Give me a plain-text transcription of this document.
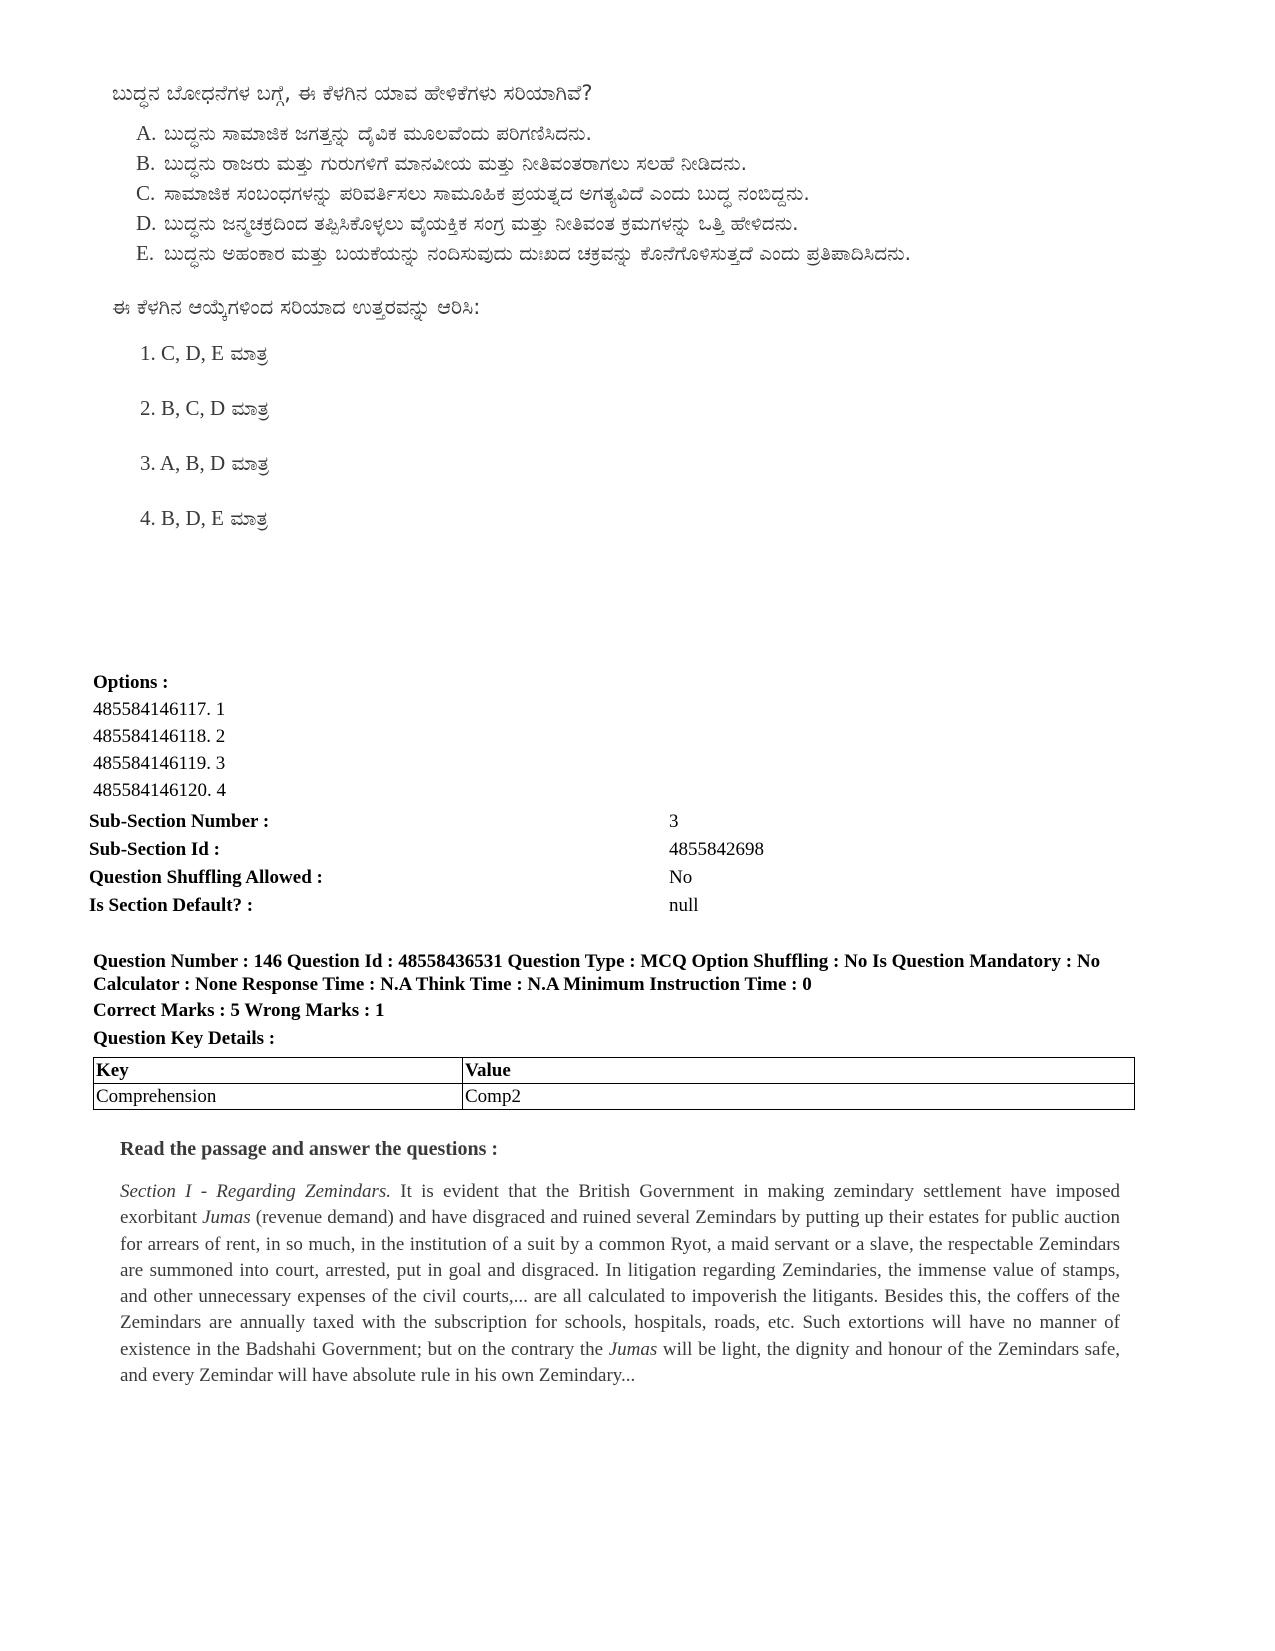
ಬುದ್ಧನ ಬೋಧನೆಗಳ ಬಗ್ಗೆ, ಈ ಕೆಳಗಿನ ಯಾವ ಹೇಳಿಕೆಗಳು ಸರಿಯಾಗಿವೆ?

A. ಬುದ್ಧನು ಸಾಮಾಜಿಕ ಜಗತ್ತನ್ನು ದೈವಿಕ ಮೂಲವೆಂದು ಪರಿಗಣಿಸಿದನು.
B. ಬುದ್ಧನು ರಾಜರು ಮತ್ತು ಗುರುಗಳಿಗೆ ಮಾನವೀಯ ಮತ್ತು ನೀತಿವಂತರಾಗಲು ಸಲಹೆ ನೀಡಿದನು.
C. ಸಾಮಾಜಿಕ ಸಂಬಂಧಗಳನ್ನು ಪರಿವರ್ತಿಸಲು ಸಾಮೂಹಿಕ ಪ್ರಯತ್ನದ ಅಗತ್ಯವಿದೆ ಎಂದು ಬುದ್ಧ ನಂಬಿದ್ದನು.
D. ಬುದ್ಧನು ಜನ್ಮಚಕ್ರದಿಂದ ತಪ್ಪಿಸಿಕೊಳ್ಳಲು ವೈಯಕ್ತಿಕ ಸಂಗ್ರ ಮತ್ತು ನೀತಿವಂತ ಕ್ರಮಗಳನ್ನು ಒತ್ತಿ ಹೇಳಿದನು.
E. ಬುದ್ಧನು ಅಹಂಕಾರ ಮತ್ತು ಬಯಕೆಯನ್ನು ನಂದಿಸುವುದು ದುಃಖದ ಚಕ್ರವನ್ನು ಕೊನೆಗೊಳಿಸುತ್ತದೆ ಎಂದು ಪ್ರತಿಪಾದಿಸಿದನು.

ಈ ಕೆಳಗಿನ ಆಯ್ಕೆಗಳಿಂದ ಸರಿಯಾದ ಉತ್ತರವನ್ನು ಆರಿಸಿ:

1. C, D, E ಮಾತ್ರ
2. B, C, D ಮಾತ್ರ
3. A, B, D ಮಾತ್ರ
4. B, D, E ಮಾತ್ರ
Options :
485584146117. 1
485584146118. 2
485584146119. 3
485584146120. 4
Sub-Section Number :	3
Sub-Section Id :	4855842698
Question Shuffling Allowed :	No
Is Section Default? :	null
Question Number : 146 Question Id : 48558436531 Question Type : MCQ Option Shuffling : No Is Question Mandatory : No Calculator : None Response Time : N.A Think Time : N.A Minimum Instruction Time : 0
Correct Marks : 5 Wrong Marks : 1
Question Key Details :
Key	Value
Comprehension	Comp2

Read the passage and answer the questions :

Section I - Regarding Zemindars. It is evident that the British Government in making zemindary settlement have imposed exorbitant Jumas (revenue demand) and have disgraced and ruined several Zemindars by putting up their estates for public auction for arrears of rent, in so much, in the institution of a suit by a common Ryot, a maid servant or a slave, the respectable Zemindars are summoned into court, arrested, put in goal and disgraced. In litigation regarding Zemindaries, the immense value of stamps, and other unnecessary expenses of the civil courts,... are all calculated to impoverish the litigants. Besides this, the coffers of the Zemindars are annually taxed with the subscription for schools, hospitals, roads, etc. Such extortions will have no manner of existence in the Badshahi Government; but on the contrary the Jumas will be light, the dignity and honour of the Zemindars safe, and every Zemindar will have absolute rule in his own Zemindary...
